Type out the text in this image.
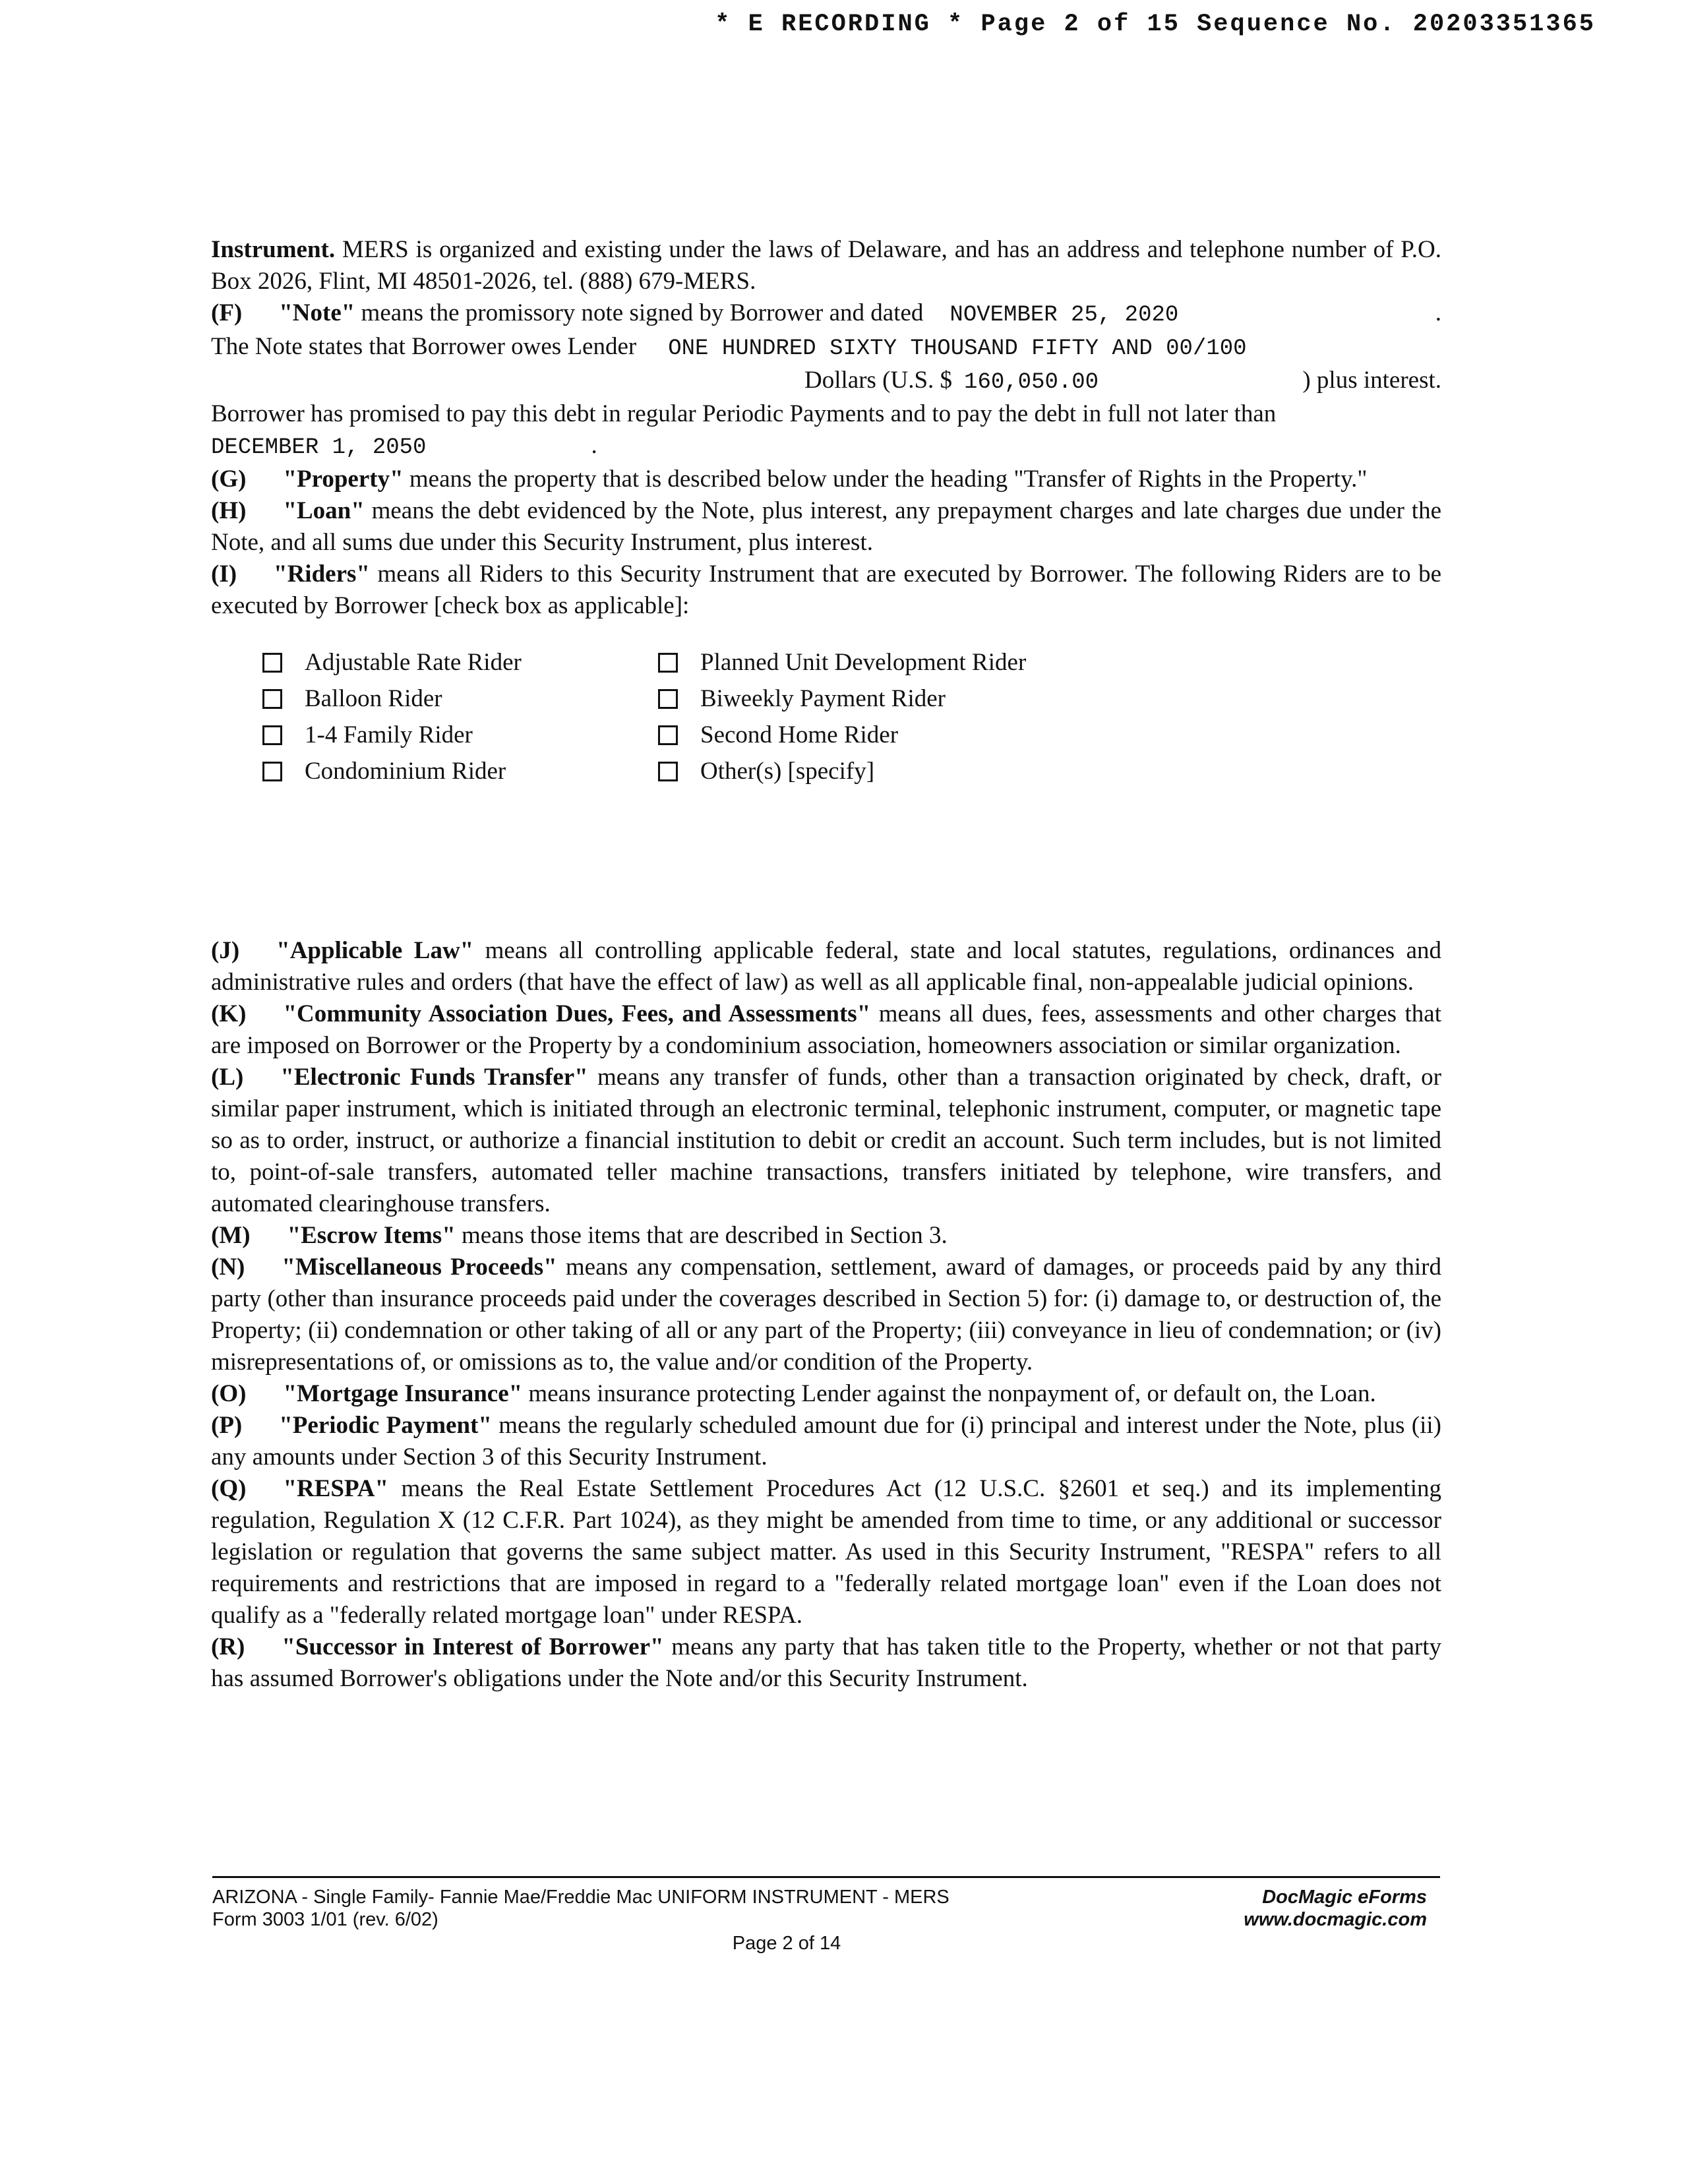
* E RECORDING * Page 2 of 15 Sequence No. 20203351365

Instrument. MERS is organized and existing under the laws of Delaware, and has an address and telephone number of P.O. Box 2026, Flint, MI 48501-2026, tel. (888) 679-MERS.

(F) "Note" means the promissory note signed by Borrower and dated NOVEMBER 25, 2020	.
The Note states that Borrower owes Lender ONE HUNDRED SIXTY THOUSAND FIFTY AND 00/100
Dollars (U.S. $ 160,050.00	) plus interest.

Borrower has promised to pay this debt in regular Periodic Payments and to pay the debt in full not later than

DECEMBER 1, 2050	.

(G) "Property" means the property that is described below under the heading "Transfer of Rights in the Property."

(H) "Loan" means the debt evidenced by the Note, plus interest, any prepayment charges and late charges due under the Note, and all sums due under this Security Instrument, plus interest.

(I) "Riders" means all Riders to this Security Instrument that are executed by Borrower. The following Riders are to be executed by Borrower [check box as applicable]:

Adjustable Rate Rider	Planned Unit Development Rider
Balloon Rider	Biweekly Payment Rider
1-4 Family Rider	Second Home Rider
Condominium Rider	Other(s) [specify]

(J) "Applicable Law" means all controlling applicable federal, state and local statutes, regulations, ordinances and administrative rules and orders (that have the effect of law) as well as all applicable final, non-appealable judicial opinions.

(K) "Community Association Dues, Fees, and Assessments" means all dues, fees, assessments and other charges that are imposed on Borrower or the Property by a condominium association, homeowners association or similar organization.

(L) "Electronic Funds Transfer" means any transfer of funds, other than a transaction originated by check, draft, or similar paper instrument, which is initiated through an electronic terminal, telephonic instrument, computer, or magnetic tape so as to order, instruct, or authorize a financial institution to debit or credit an account. Such term includes, but is not limited to, point-of-sale transfers, automated teller machine transactions, transfers initiated by telephone, wire transfers, and automated clearinghouse transfers.

(M) "Escrow Items" means those items that are described in Section 3.

(N) "Miscellaneous Proceeds" means any compensation, settlement, award of damages, or proceeds paid by any third party (other than insurance proceeds paid under the coverages described in Section 5) for: (i) damage to, or destruction of, the Property; (ii) condemnation or other taking of all or any part of the Property; (iii) conveyance in lieu of condemnation; or (iv) misrepresentations of, or omissions as to, the value and/or condition of the Property.

(O) "Mortgage Insurance" means insurance protecting Lender against the nonpayment of, or default on, the Loan.

(P) "Periodic Payment" means the regularly scheduled amount due for (i) principal and interest under the Note, plus (ii) any amounts under Section 3 of this Security Instrument.

(Q) "RESPA" means the Real Estate Settlement Procedures Act (12 U.S.C. §2601 et seq.) and its implementing regulation, Regulation X (12 C.F.R. Part 1024), as they might be amended from time to time, or any additional or successor legislation or regulation that governs the same subject matter. As used in this Security Instrument, "RESPA" refers to all requirements and restrictions that are imposed in regard to a "federally related mortgage loan" even if the Loan does not qualify as a "federally related mortgage loan" under RESPA.

(R) "Successor in Interest of Borrower" means any party that has taken title to the Property, whether or not that party has assumed Borrower's obligations under the Note and/or this Security Instrument.

ARIZONA - Single Family- Fannie Mae/Freddie Mac UNIFORM INSTRUMENT - MERS
Form 3003 1/01 (rev. 6/02)
DocMagic eForms
www.docmagic.com
Page 2 of 14
